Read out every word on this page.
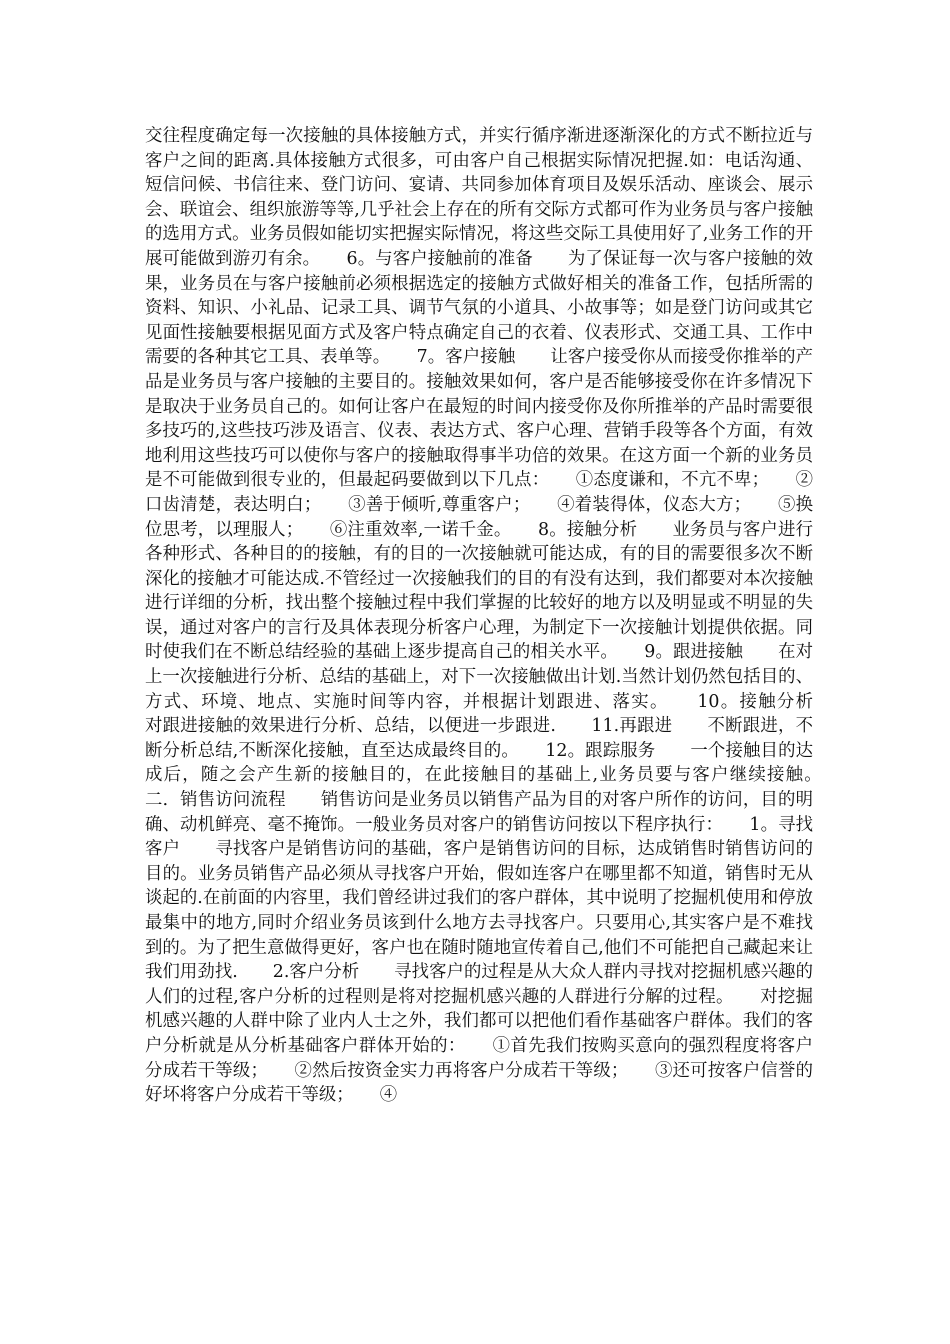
交往程度确定每一次接触的具体接触方式，并实行循序渐进逐渐深化的方式不断拉近与客户之间的距离.具体接触方式很多，可由客户自己根据实际情况把握.如：电话沟通、短信问候、书信往来、登门访问、宴请、共同参加体育项目及娱乐活动、座谈会、展示会、联谊会、组织旅游等等,几乎社会上存在的所有交际方式都可作为业务员与客户接触的选用方式。业务员假如能切实把握实际情况，将这些交际工具使用好了,业务工作的开展可能做到游刃有余。　　6。与客户接触前的准备　　为了保证每一次与客户接触的效果，业务员在与客户接触前必须根据选定的接触方式做好相关的准备工作，包括所需的资料、知识、小礼品、记录工具、调节气氛的小道具、小故事等；如是登门访问或其它见面性接触要根据见面方式及客户特点确定自己的衣着、仪表形式、交通工具、工作中需要的各种其它工具、表单等。　　7。客户接触　　让客户接受你从而接受你推举的产品是业务员与客户接触的主要目的。接触效果如何，客户是否能够接受你在许多情况下是取决于业务员自己的。如何让客户在最短的时间内接受你及你所推举的产品时需要很多技巧的,这些技巧涉及语言、仪表、表达方式、客户心理、营销手段等各个方面，有效地利用这些技巧可以使你与客户的接触取得事半功倍的效果。在这方面一个新的业务员是不可能做到很专业的，但最起码要做到以下几点：　　①态度谦和，不亢不卑；　　②口齿清楚，表达明白；　　③善于倾听,尊重客户；　　④着装得体，仪态大方；　　⑤换位思考，以理服人；　　⑥注重效率,一诺千金。　　8。接触分析　　业务员与客户进行各种形式、各种目的的接触，有的目的一次接触就可能达成，有的目的需要很多次不断深化的接触才可能达成.不管经过一次接触我们的目的有没有达到，我们都要对本次接触进行详细的分析，找出整个接触过程中我们掌握的比较好的地方以及明显或不明显的失误，通过对客户的言行及具体表现分析客户心理，为制定下一次接触计划提供依据。同时使我们在不断总结经验的基础上逐步提高自己的相关水平。　　9。跟进接触　　在对上一次接触进行分析、总结的基础上，对下一次接触做出计划.当然计划仍然包括目的、方式、环境、地点、实施时间等内容，并根据计划跟进、落实。　　10。接触分析　　对跟进接触的效果进行分析、总结，以便进一步跟进.　　11.再跟进　　不断跟进，不断分析总结,不断深化接触，直至达成最终目的。　　12。跟踪服务　　一个接触目的达成后，随之会产生新的接触目的，在此接触目的基础上,业务员要与客户继续接触。　　二．销售访问流程　　销售访问是业务员以销售产品为目的对客户所作的访问，目的明确、动机鲜亮、毫不掩饰。一般业务员对客户的销售访问按以下程序执行：　　1。寻找客户　　寻找客户是销售访问的基础，客户是销售访问的目标，达成销售时销售访问的目的。业务员销售产品必须从寻找客户开始，假如连客户在哪里都不知道，销售时无从谈起的.在前面的内容里，我们曾经讲过我们的客户群体，其中说明了挖掘机使用和停放最集中的地方,同时介绍业务员该到什么地方去寻找客户。只要用心,其实客户是不难找到的。为了把生意做得更好，客户也在随时随地宣传着自己,他们不可能把自己藏起来让我们用劲找.　　2.客户分析　　寻找客户的过程是从大众人群内寻找对挖掘机感兴趣的人们的过程,客户分析的过程则是将对挖掘机感兴趣的人群进行分解的过程。　　对挖掘机感兴趣的人群中除了业内人士之外，我们都可以把他们看作基础客户群体。我们的客户分析就是从分析基础客户群体开始的：　　①首先我们按购买意向的强烈程度将客户分成若干等级；　　②然后按资金实力再将客户分成若干等级；　　③还可按客户信誉的好坏将客户分成若干等级；　　④
